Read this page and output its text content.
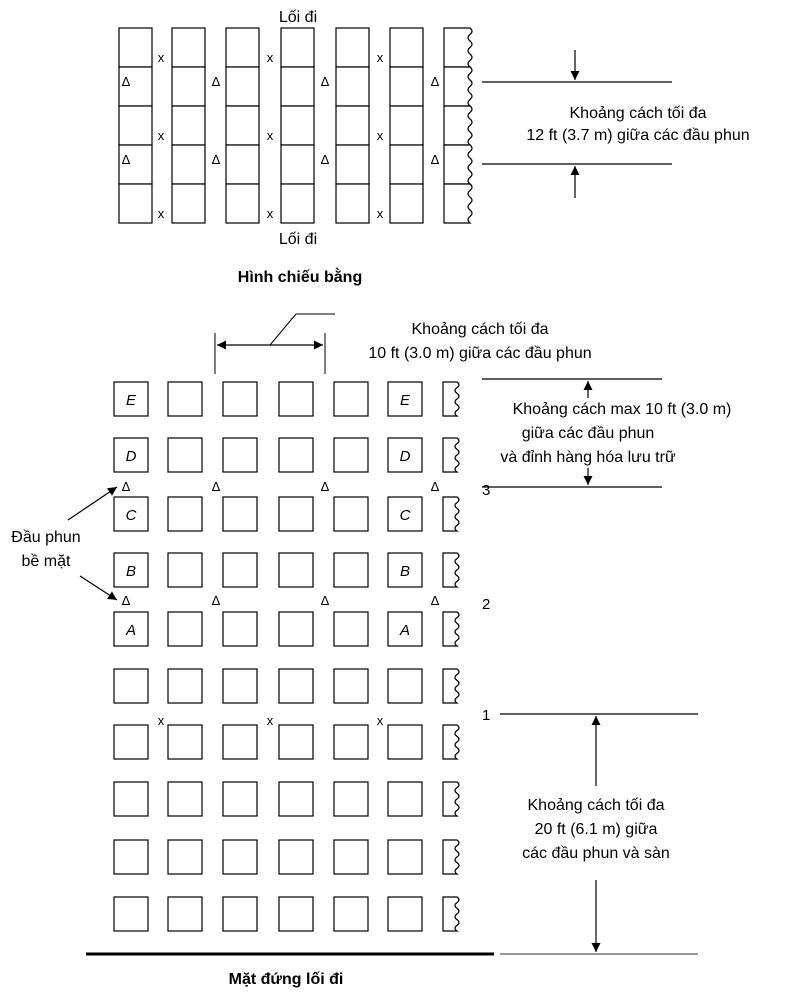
Lối đi
Lối đi
Hình chiếu bằng
Khoảng cách tối đa
12 ft (3.7 m) giữa các đầu phun
x
x
x
x
x
x
x
x
x
Δ
Δ
Δ
Δ
Δ
Δ
Δ
Δ
Khoảng cách tối đa
10 ft (3.0 m) giữa các đầu phun
Khoảng cách max 10 ft (3.0 m)
giữa các đầu phun
và đỉnh hàng hóa lưu trữ
1
2
3
Đầu phun
bề mặt
Khoảng cách tối đa
20 ft (6.1 m) giữa
các đầu phun và sàn
Mặt đứng lối đi
E	E
D	D
C	C
B	B
A	A
Δ
Δ
Δ
Δ
Δ
Δ
Δ
Δ
x	x	x
